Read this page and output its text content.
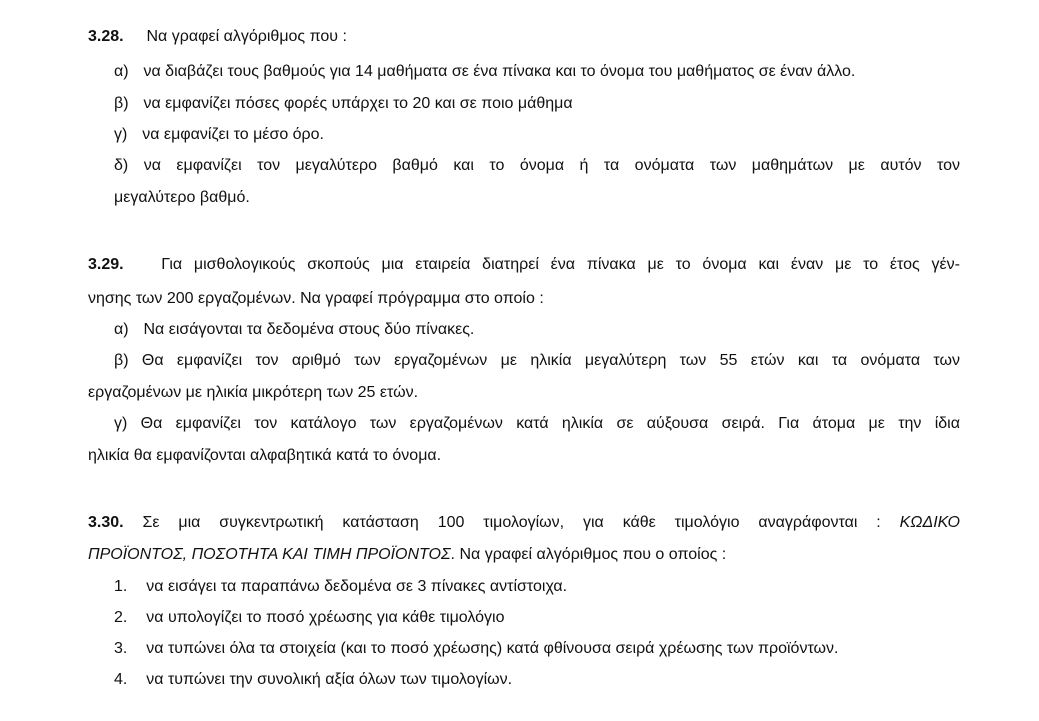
3.28. Να γραφεί αλγόριθμος που :
α) να διαβάζει τους βαθμούς για 14 μαθήματα σε ένα πίνακα και το όνομα του μαθήματος σε έναν άλλο.
β) να εμφανίζει πόσες φορές υπάρχει το 20 και σε ποιο μάθημα
γ) να εμφανίζει το μέσο όρο.
δ) να εμφανίζει τον μεγαλύτερο βαθμό και το όνομα ή τα ονόματα των μαθημάτων με αυτόν τον
μεγαλύτερο βαθμό.
3.29. Για μισθολογικούς σκοπούς μια εταιρεία διατηρεί ένα πίνακα με το όνομα και έναν με το έτος γέν-
νησης των 200 εργαζομένων. Να γραφεί πρόγραμμα στο οποίο :
α) Να εισάγονται τα δεδομένα στους δύο πίνακες.
β) Θα εμφανίζει τον αριθμό των εργαζομένων με ηλικία μεγαλύτερη των 55 ετών και τα ονόματα των
εργαζομένων με ηλικία μικρότερη των 25 ετών.
γ) Θα εμφανίζει τον κατάλογο των εργαζομένων κατά ηλικία σε αύξουσα σειρά. Για άτομα με την ίδια
ηλικία θα εμφανίζονται αλφαβητικά κατά το όνομα.
3.30. Σε μια συγκεντρωτική κατάσταση 100 τιμολογίων, για κάθε τιμολόγιο αναγράφονται : ΚΩΔΙΚΟ
ΠΡΟΪΟΝΤΟΣ, ΠΟΣΟΤΗΤΑ ΚΑΙ ΤΙΜΗ ΠΡΟΪΟΝΤΟΣ. Να γραφεί αλγόριθμος που ο οποίος :
1. να εισάγει τα παραπάνω δεδομένα σε 3 πίνακες αντίστοιχα.
2. να υπολογίζει το ποσό χρέωσης για κάθε τιμολόγιο
3. να τυπώνει όλα τα στοιχεία (και το ποσό χρέωσης) κατά φθίνουσα σειρά χρέωσης των προϊόντων.
4. να τυπώνει την συνολική αξία όλων των τιμολογίων.
